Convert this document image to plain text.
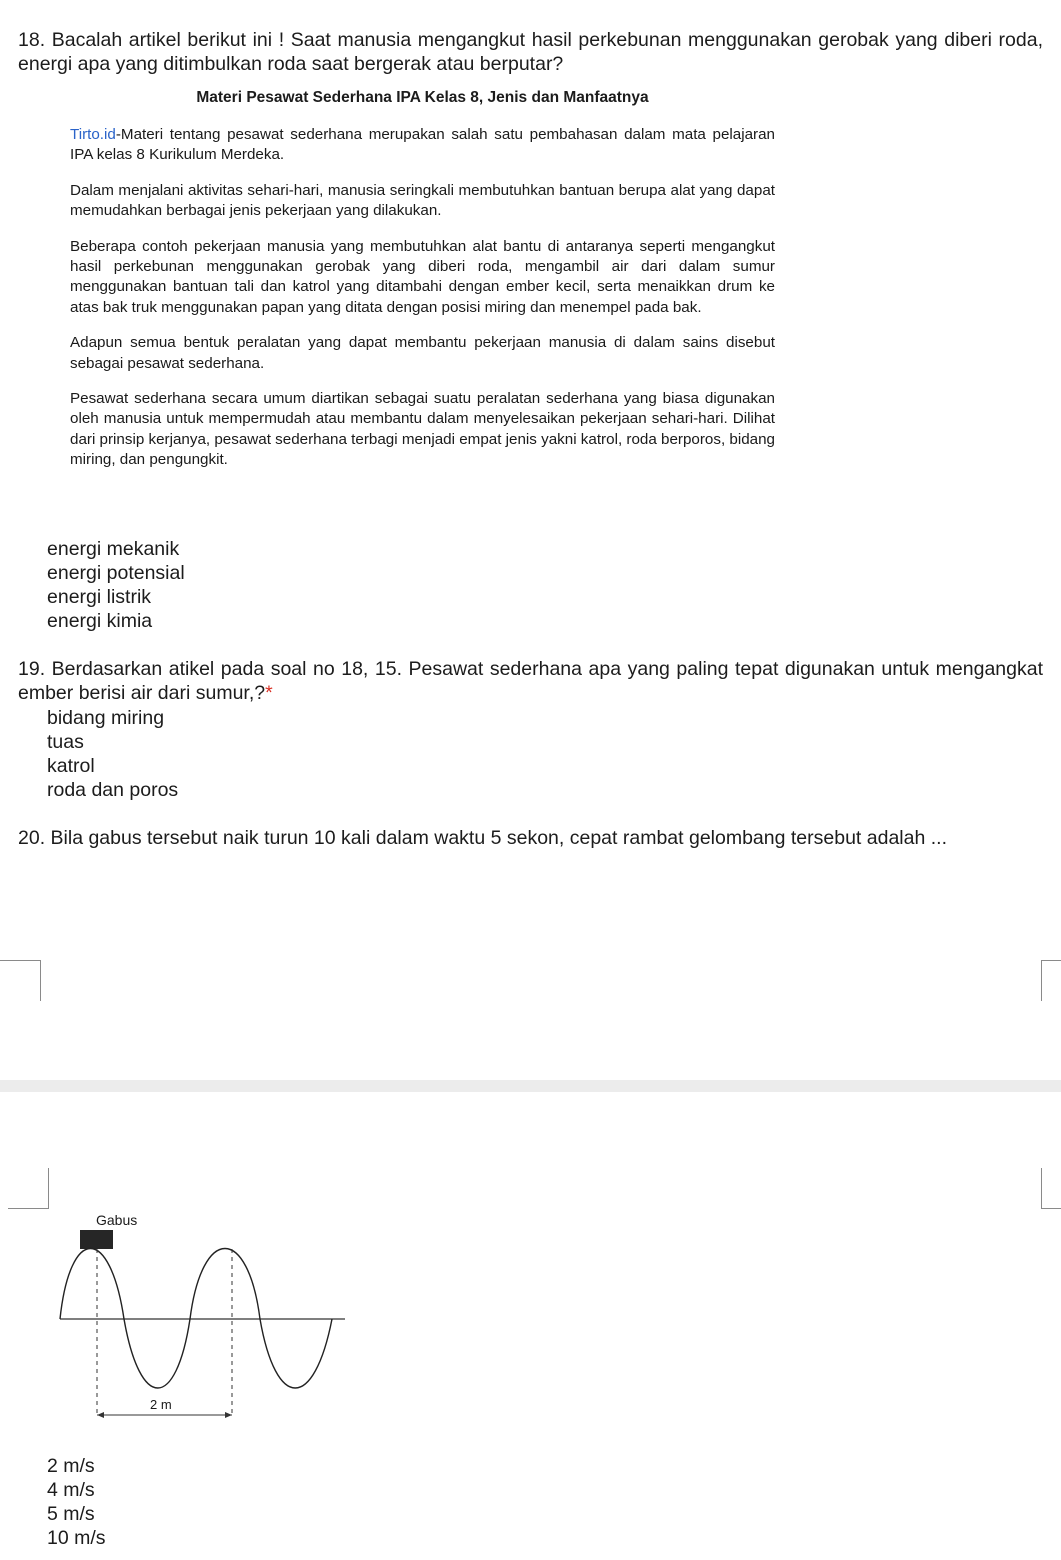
18. Bacalah artikel berikut ini ! Saat manusia mengangkut hasil perkebunan menggunakan gerobak yang diberi roda, energi apa yang ditimbulkan roda saat bergerak atau berputar?
Materi Pesawat Sederhana IPA Kelas 8, Jenis dan Manfaatnya

Tirto.id-Materi tentang pesawat sederhana merupakan salah satu pembahasan dalam mata pelajaran IPA kelas 8 Kurikulum Merdeka.

Dalam menjalani aktivitas sehari-hari, manusia seringkali membutuhkan bantuan berupa alat yang dapat memudahkan berbagai jenis pekerjaan yang dilakukan.

Beberapa contoh pekerjaan manusia yang membutuhkan alat bantu di antaranya seperti mengangkut hasil perkebunan menggunakan gerobak yang diberi roda, mengambil air dari dalam sumur menggunakan bantuan tali dan katrol yang ditambahi dengan ember kecil, serta menaikkan drum ke atas bak truk menggunakan papan yang ditata dengan posisi miring dan menempel pada bak.

Adapun semua bentuk peralatan yang dapat membantu pekerjaan manusia di dalam sains disebut sebagai pesawat sederhana.

Pesawat sederhana secara umum diartikan sebagai suatu peralatan sederhana yang biasa digunakan oleh manusia untuk mempermudah atau membantu dalam menyelesaikan pekerjaan sehari-hari. Dilihat dari prinsip kerjanya, pesawat sederhana terbagi menjadi empat jenis yakni katrol, roda berporos, bidang miring, dan pengungkit.

energi mekanik
energi potensial
energi listrik
energi kimia
19. Berdasarkan atikel pada soal no 18, 15. Pesawat sederhana apa yang paling tepat digunakan untuk mengangkat ember berisi air dari sumur,?*
bidang miring
tuas
katrol
roda dan poros
20. Bila gabus tersebut naik turun 10 kali dalam waktu 5 sekon, cepat rambat gelombang tersebut adalah ...
Gabus
2 m
2 m/s
4 m/s
5 m/s
10 m/s
